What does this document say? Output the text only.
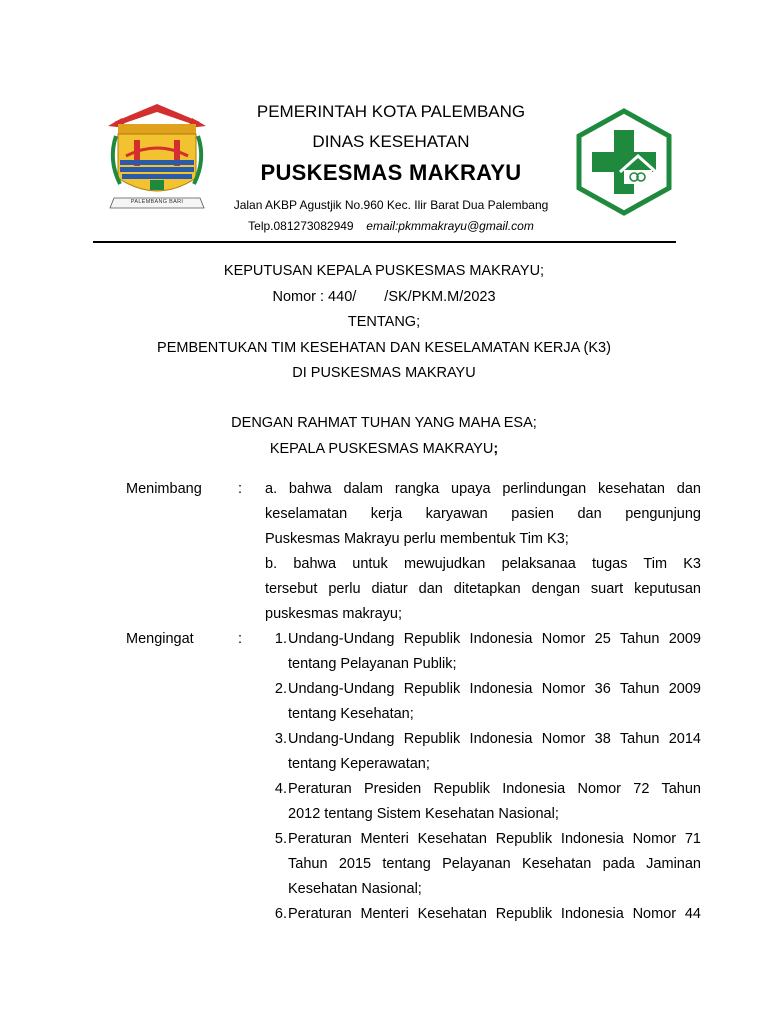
PALEMBANG BARI
PEMERINTAH KOTA PALEMBANG
DINAS KESEHATAN
PUSKESMAS MAKRAYU
Jalan AKBP Agustjik No.960 Kec. Ilir Barat Dua Palembang
Telp.081273082949 email:pkmmakrayu@gmail.com
KEPUTUSAN KEPALA PUSKESMAS MAKRAYU;
Nomor : 440/ /SK/PKM.M/2023
TENTANG;
PEMBENTUKAN TIM KESEHATAN DAN KESELAMATAN KERJA (K3)
DI PUSKESMAS MAKRAYU
DENGAN RAHMAT TUHAN YANG MAHA ESA;
KEPALA PUSKESMAS MAKRAYU;
Menimbang : a. bahwa dalam rangka upaya perlindungan kesehatan dan
keselamatan kerja karyawan pasien dan pengunjung
Puskesmas Makrayu perlu membentuk Tim K3;
b. bahwa untuk mewujudkan pelaksanaa tugas Tim K3
tersebut perlu diatur dan ditetapkan dengan suart keputusan
puskesmas makrayu;
Mengingat	:	1. Undang-Undang Republik Indonesia Nomor 25 Tahun 2009
tentang Pelayanan Publik;
2. Undang-Undang Republik Indonesia Nomor 36 Tahun 2009
tentang Kesehatan;
3. Undang-Undang Republik Indonesia Nomor 38 Tahun 2014
tentang Keperawatan;
4. Peraturan Presiden Republik Indonesia Nomor 72 Tahun
2012 tentang Sistem Kesehatan Nasional;
5. Peraturan Menteri Kesehatan Republik Indonesia Nomor 71
Tahun 2015 tentang Pelayanan Kesehatan pada Jaminan
Kesehatan Nasional;
6. Peraturan Menteri Kesehatan Republik Indonesia Nomor 44
